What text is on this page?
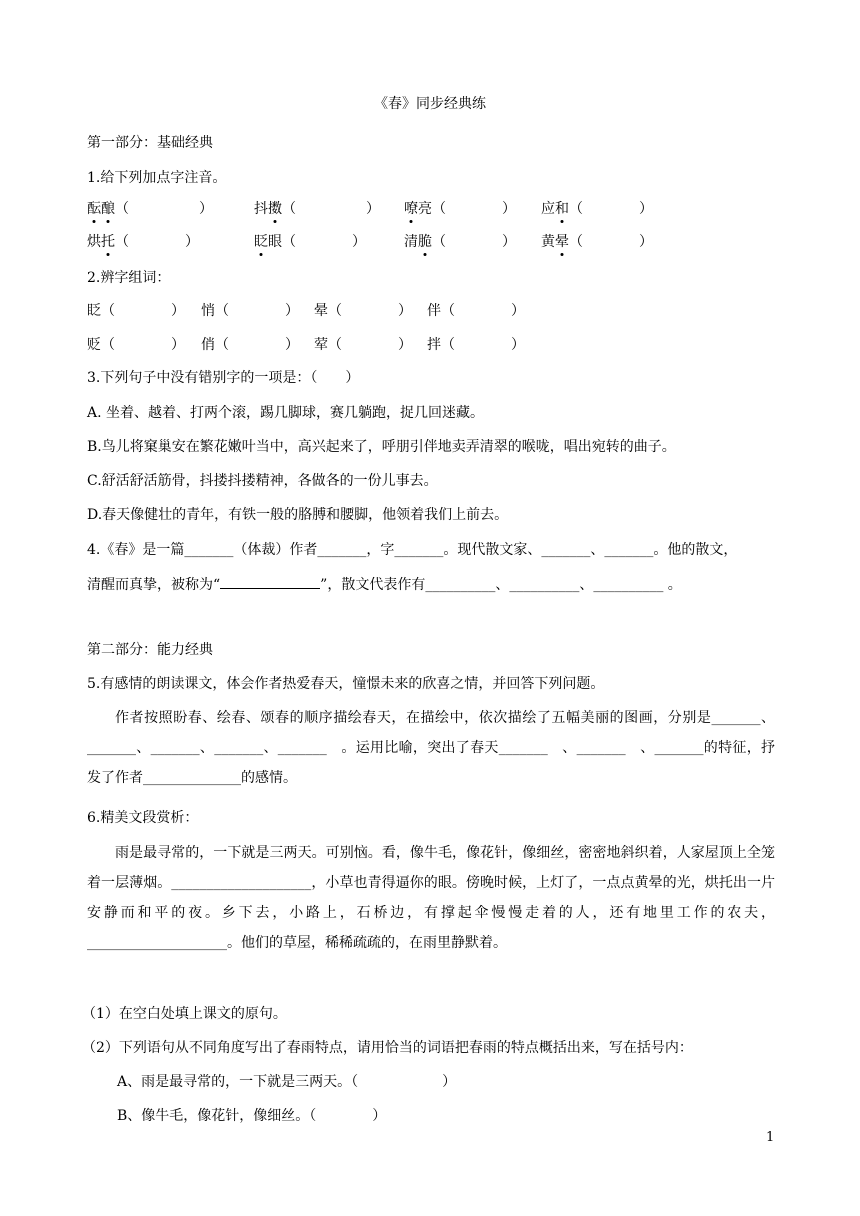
《春》同步经典练
第一部分：基础经典
1.给下列加点字注音。
酝酿（　　　　　）	抖擞（　　　　　） 嘹亮（　　　　） 应和（　　　　）
烘托（　　　　）	眨眼（　　　　）	清脆（　　　　） 黄晕（　　　　）
2.辨字组词：
眨（　　　　） 悄（　　　　） 晕（　　　　） 伴（　　　　）
贬（　　　　） 俏（　　　　） 荤（　　　　） 拌（　　　　）
3.下列句子中没有错别字的一项是：（　　）
A. 坐着、越着、打两个滚，踢几脚球，赛几躺跑，捉几回迷藏。
B.鸟儿将窠巢安在繁花嫩叶当中，高兴起来了，呼朋引伴地卖弄清翠的喉咙，唱出宛转的曲子。
C.舒活舒活筋骨，抖搂抖搂精神，各做各的一份儿事去。
D.春天像健壮的青年，有铁一般的胳膊和腰脚，他领着我们上前去。
4.《春》是一篇_______（体裁）作者_______，字_______。现代散文家、_______、_______。他的散文，
清醒而真挚，被称为“	”，散文代表作有__________、__________、__________ 。
第二部分：能力经典
5.有感情的朗读课文，体会作者热爱春天，憧憬未来的欣喜之情，并回答下列问题。
作者按照盼春、绘春、颂春的顺序描绘春天，在描绘中，依次描绘了五幅美丽的图画，分别是_______、_______、_______、_______、_______　。运用比喻，突出了春天_______　、_______　、_______的特征，抒发了作者______________的感情。
6.精美文段赏析：
雨是最寻常的，一下就是三两天。可别恼。看，像牛毛，像花针，像细丝，密密地斜织着，人家屋顶上全笼着一层薄烟。____________________，小草也青得逼你的眼。傍晚时候，上灯了，一点点黄晕的光，烘托出一片安静而和平的夜。乡下去，小路上，石桥边，有撑起伞慢慢走着的人，还有地里工作的农夫，____________________。他们的草屋，稀稀疏疏的，在雨里静默着。
（1）在空白处填上课文的原句。
（2）下列语句从不同角度写出了春雨特点，请用恰当的词语把春雨的特点概括出来，写在括号内：
A、雨是最寻常的，一下就是三两天。（　　　　　　）
B、像牛毛，像花针，像细丝。（　　　　）
1
